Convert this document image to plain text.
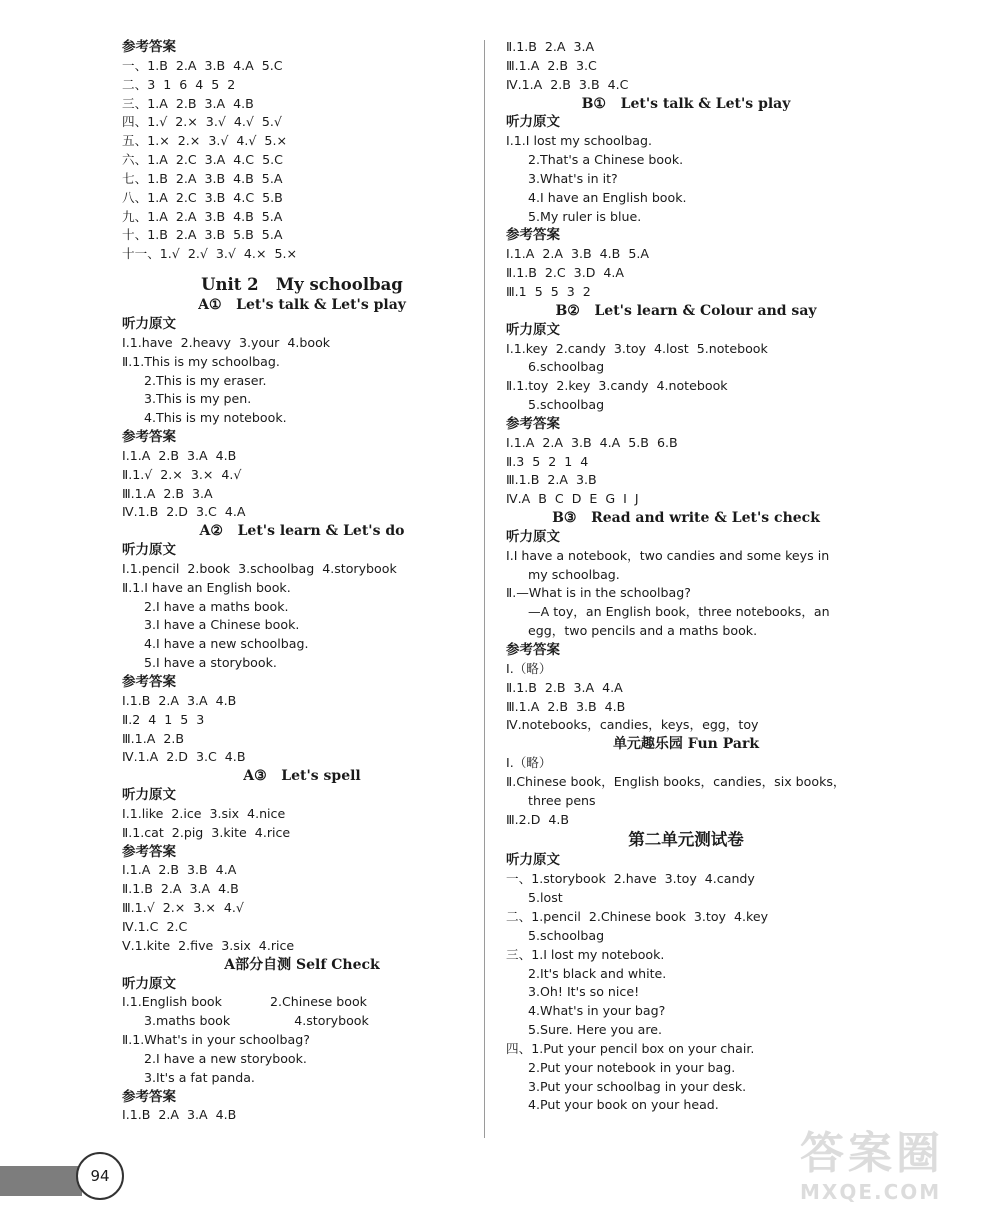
参考答案
一、1.B  2.A  3.B  4.A  5.C
二、3  1  6  4  5  2
三、1.A  2.B  3.A  4.B
四、1.√  2.×  3.√  4.√  5.√
五、1.×  2.×  3.√  4.√  5.×
六、1.A  2.C  3.A  4.C  5.C
七、1.B  2.A  3.B  4.B  5.A
八、1.A  2.C  3.B  4.C  5.B
九、1.A  2.A  3.B  4.B  5.A
十、1.B  2.A  3.B  5.B  5.A
十一、1.√  2.√  3.√  4.×  5.×
Unit 2   My schoolbag
A①   Let's talk & Let's play
听力原文
Ⅰ.1.have  2.heavy  3.your  4.book
Ⅱ.1.This is my schoolbag.
2.This is my eraser.
3.This is my pen.
4.This is my notebook.
参考答案
Ⅰ.1.A  2.B  3.A  4.B
Ⅱ.1.√  2.×  3.×  4.√
Ⅲ.1.A  2.B  3.A
Ⅳ.1.B  2.D  3.C  4.A
A②   Let's learn & Let's do
听力原文
Ⅰ.1.pencil  2.book  3.schoolbag  4.storybook
Ⅱ.1.I have an English book.
2.I have a maths book.
3.I have a Chinese book.
4.I have a new schoolbag.
5.I have a storybook.
参考答案
Ⅰ.1.B  2.A  3.A  4.B
Ⅱ.2  4  1  5  3
Ⅲ.1.A  2.B
Ⅳ.1.A  2.D  3.C  4.B
A③   Let's spell
听力原文
Ⅰ.1.like  2.ice  3.six  4.nice
Ⅱ.1.cat  2.pig  3.kite  4.rice
参考答案
Ⅰ.1.A  2.B  3.B  4.A
Ⅱ.1.B  2.A  3.A  4.B
Ⅲ.1.√  2.×  3.×  4.√
Ⅳ.1.C  2.C
Ⅴ.1.kite  2.five  3.six  4.rice
A部分自测 Self Check
听力原文
Ⅰ.1.English book            2.Chinese book
3.maths book                4.storybook
Ⅱ.1.What's in your schoolbag?
2.I have a new storybook.
3.It's a fat panda.
参考答案
Ⅰ.1.B  2.A  3.A  4.B
Ⅱ.1.B  2.A  3.A
Ⅲ.1.A  2.B  3.C
Ⅳ.1.A  2.B  3.B  4.C
B①   Let's talk & Let's play
听力原文
Ⅰ.1.I lost my schoolbag.
2.That's a Chinese book.
3.What's in it?
4.I have an English book.
5.My ruler is blue.
参考答案
Ⅰ.1.A  2.A  3.B  4.B  5.A
Ⅱ.1.B  2.C  3.D  4.A
Ⅲ.1  5  5  3  2
B②   Let's learn & Colour and say
听力原文
Ⅰ.1.key  2.candy  3.toy  4.lost  5.notebook
6.schoolbag
Ⅱ.1.toy  2.key  3.candy  4.notebook
5.schoolbag
参考答案
Ⅰ.1.A  2.A  3.B  4.A  5.B  6.B
Ⅱ.3  5  2  1  4
Ⅲ.1.B  2.A  3.B
Ⅳ.A  B  C  D  E  G  I  J
B③   Read and write & Let's check
听力原文
Ⅰ.I have a notebook，two candies and some keys in
my schoolbag.
Ⅱ.—What is in the schoolbag?
—A toy，an English book，three notebooks，an
egg，two pencils and a maths book.
参考答案
Ⅰ.（略）
Ⅱ.1.B  2.B  3.A  4.A
Ⅲ.1.A  2.B  3.B  4.B
Ⅳ.notebooks，candies，keys，egg，toy
单元趣乐园 Fun Park
Ⅰ.（略）
Ⅱ.Chinese book，English books，candies，six books，
three pens
Ⅲ.2.D  4.B
第二单元测试卷
听力原文
一、1.storybook  2.have  3.toy  4.candy
5.lost
二、1.pencil  2.Chinese book  3.toy  4.key
5.schoolbag
三、1.I lost my notebook.
2.It's black and white.
3.Oh! It's so nice!
4.What's in your bag?
5.Sure. Here you are.
四、1.Put your pencil box on your chair.
2.Put your notebook in your bag.
3.Put your schoolbag in your desk.
4.Put your book on your head.
94	答案圈
MXQE.COM
